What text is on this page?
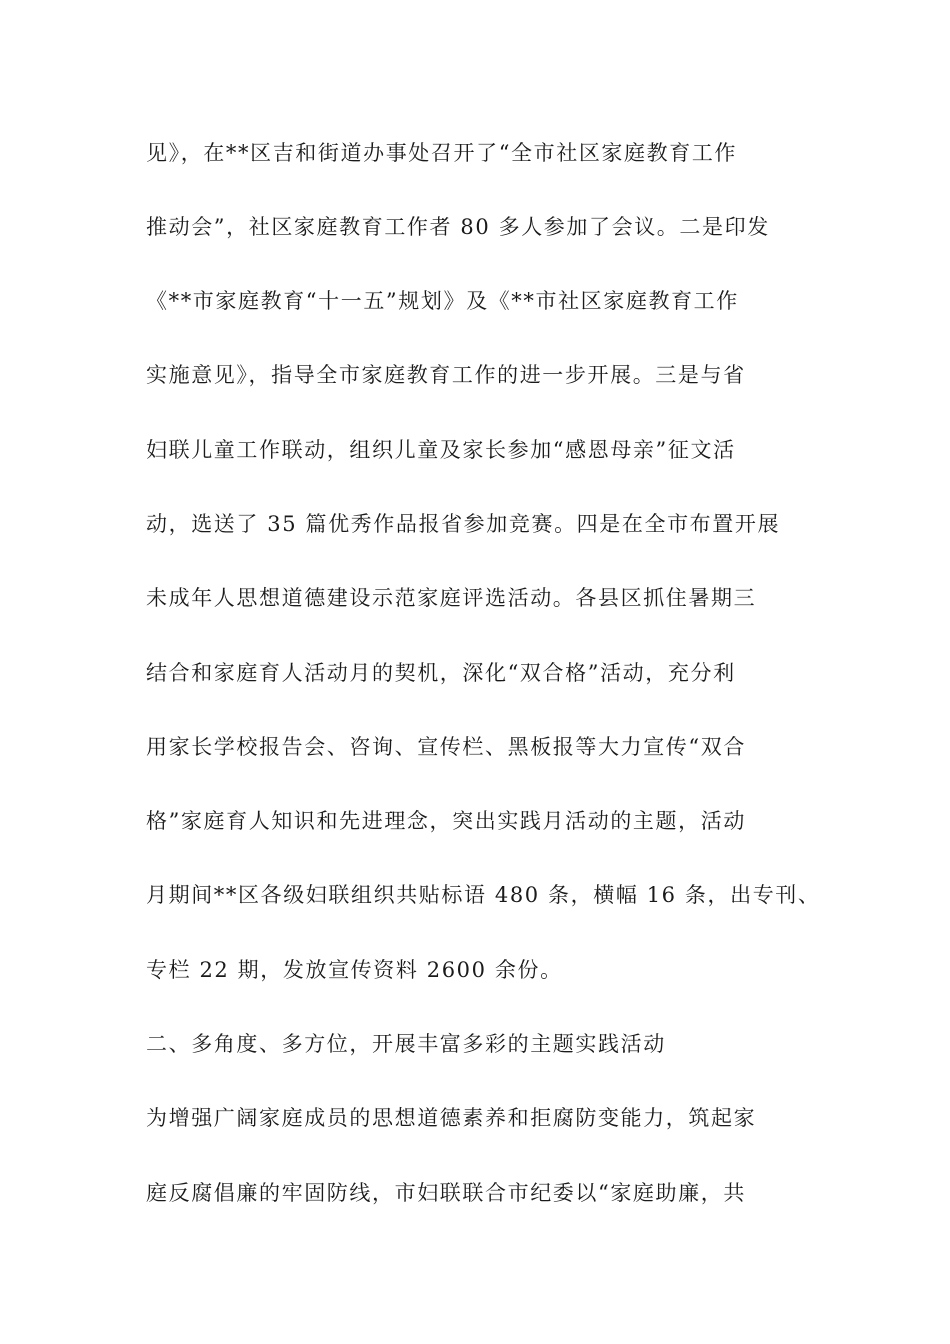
见》，在**区吉和街道办事处召开了“全市社区家庭教育工作
推动会”，社区家庭教育工作者 80 多人参加了会议。二是印发
《**市家庭教育“十一五”规划》及《**市社区家庭教育工作
实施意见》，指导全市家庭教育工作的进一步开展。三是与省
妇联儿童工作联动，组织儿童及家长参加“感恩母亲”征文活
动，选送了 35 篇优秀作品报省参加竞赛。四是在全市布置开展
未成年人思想道德建设示范家庭评选活动。各县区抓住暑期三
结合和家庭育人活动月的契机，深化“双合格”活动，充分利
用家长学校报告会、咨询、宣传栏、黑板报等大力宣传“双合
格”家庭育人知识和先进理念，突出实践月活动的主题，活动
月期间**区各级妇联组织共贴标语 480 条，横幅 16 条，出专刊、
专栏 22 期，发放宣传资料 2600 余份。
二、多角度、多方位，开展丰富多彩的主题实践活动
为增强广阔家庭成员的思想道德素养和拒腐防变能力，筑起家
庭反腐倡廉的牢固防线，市妇联联合市纪委以“家庭助廉，共
